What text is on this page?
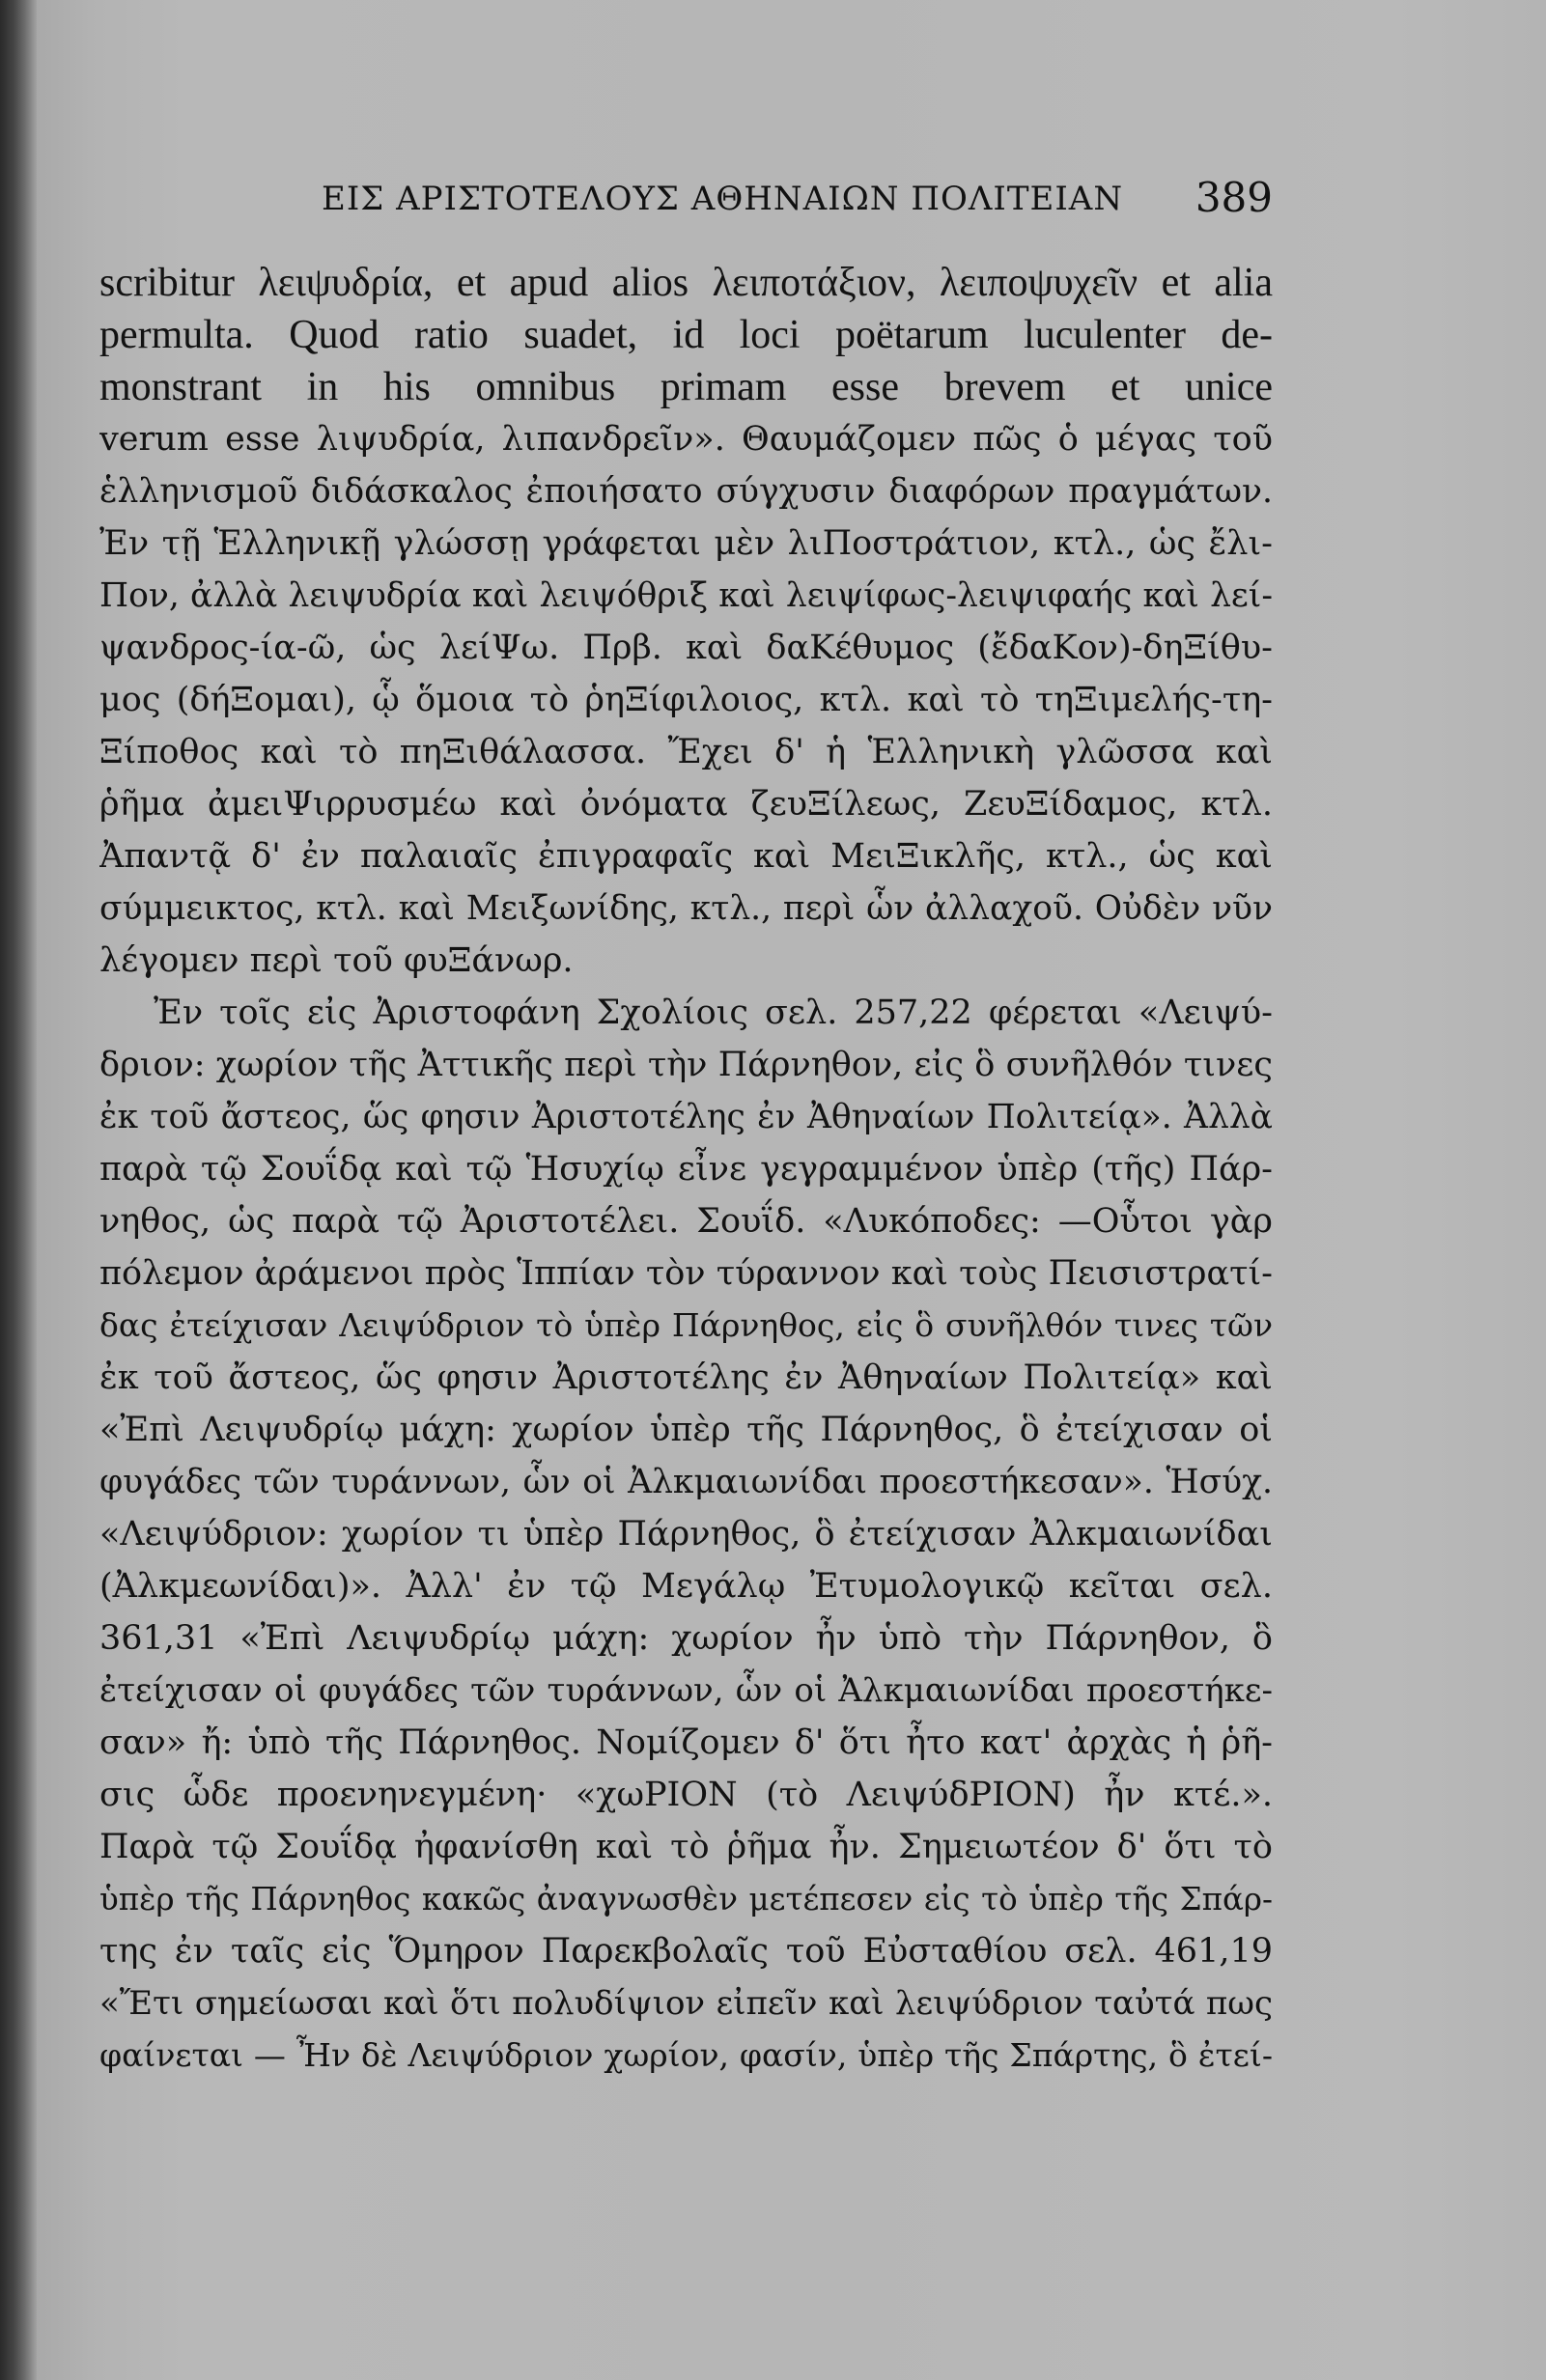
ΕΙΣ ΑΡΙΣΤΟΤΕΛΟΥΣ ΑΘΗΝΑΙΩΝ ΠΟΛΙΤΕΙΑΝ 389
scribitur λειψυδρία, et apud alios λειποτάξιον, λειποψυχεῖν et alia
permulta. Quod ratio suadet, id loci poëtarum luculenter de-
monstrant in his omnibus primam esse brevem et unice
verum esse λιψυδρία, λιπανδρεῖν». Θαυμάζομεν πῶς ὁ μέγας τοῦ
ἑλληνισμοῦ διδάσκαλος ἐποιήσατο σύγχυσιν διαφόρων πραγμάτων.
Ἐν τῇ Ἑλληνικῇ γλώσσῃ γράφεται μὲν λιΠοστράτιον, κτλ., ὡς ἔλι-
Πον, ἀλλὰ λειψυδρία καὶ λειψόθριξ καὶ λειψίφως-λειψιφαής καὶ λεί-
ψανδρος-ία-ῶ, ὡς λείΨω. Πρβ. καὶ δαΚέθυμος (ἔδαΚον)-δηΞίθυ-
μος (δήΞομαι), ᾧ ὅμοια τὸ ῥηΞίφιλοιος, κτλ. καὶ τὸ τηΞιμελής-τη-
Ξίποθος καὶ τὸ πηΞιθάλασσα. Ἔχει δ' ἡ Ἑλληνικὴ γλῶσσα καὶ
ῥῆμα ἀμειΨιρρυσμέω καὶ ὀνόματα ζευΞίλεως, ΖευΞίδαμος, κτλ.
Ἀπαντᾷ δ' ἐν παλαιαῖς ἐπιγραφαῖς καὶ ΜειΞικλῆς, κτλ., ὡς καὶ
σύμμεικτος, κτλ. καὶ Μειξωνίδης, κτλ., περὶ ὧν ἀλλαχοῦ. Οὐδὲν νῦν
λέγομεν περὶ τοῦ φυΞάνωρ.
Ἐν τοῖς εἰς Ἀριστοφάνη Σχολίοις σελ. 257,22 φέρεται «Λειψύ-
δριον: χωρίον τῆς Ἀττικῆς περὶ τὴν Πάρνηθον, εἰς ὃ συνῆλθόν τινες
ἐκ τοῦ ἄστεος, ὥς φησιν Ἀριστοτέλης ἐν Ἀθηναίων Πολιτείᾳ». Ἀλλὰ
παρὰ τῷ Σουΐδᾳ καὶ τῷ Ἡσυχίῳ εἶνε γεγραμμένον ὑπὲρ (τῆς) Πάρ-
νηθος, ὡς παρὰ τῷ Ἀριστοτέλει. Σουΐδ. «Λυκόποδες: —Οὗτοι γὰρ
πόλεμον ἀράμενοι πρὸς Ἱππίαν τὸν τύραννον καὶ τοὺς Πεισιστρατί-
δας ἐτείχισαν Λειψύδριον τὸ ὑπὲρ Πάρνηθος, εἰς ὃ συνῆλθόν τινες τῶν
ἐκ τοῦ ἄστεος, ὥς φησιν Ἀριστοτέλης ἐν Ἀθηναίων Πολιτείᾳ» καὶ
«Ἐπὶ Λειψυδρίῳ μάχη: χωρίον ὑπὲρ τῆς Πάρνηθος, ὃ ἐτείχισαν οἱ
φυγάδες τῶν τυράννων, ὧν οἱ Ἀλκμαιωνίδαι προεστήκεσαν». Ἡσύχ.
«Λειψύδριον: χωρίον τι ὑπὲρ Πάρνηθος, ὃ ἐτείχισαν Ἀλκμαιωνίδαι
(Ἀλκμεωνίδαι)». Ἀλλ' ἐν τῷ Μεγάλῳ Ἐτυμολογικῷ κεῖται σελ.
361,31 «Ἐπὶ Λειψυδρίῳ μάχη: χωρίον ἦν ὑπὸ τὴν Πάρνηθον, ὃ
ἐτείχισαν οἱ φυγάδες τῶν τυράννων, ὧν οἱ Ἀλκμαιωνίδαι προεστήκε-
σαν» ἤ: ὑπὸ τῆς Πάρνηθος. Νομίζομεν δ' ὅτι ἦτο κατ' ἀρχὰς ἡ ῥῆ-
σις ὧδε προενηνεγμένη· «χωΡΙΟΝ (τὸ ΛειψύδΡΙΟΝ) ἦν κτέ.».
Παρὰ τῷ Σουΐδᾳ ἠφανίσθη καὶ τὸ ῥῆμα ἦν. Σημειωτέον δ' ὅτι τὸ
ὑπὲρ τῆς Πάρνηθος κακῶς ἀναγνωσθὲν μετέπεσεν εἰς τὸ ὑπὲρ τῆς Σπάρ-
της ἐν ταῖς εἰς Ὅμηρον Παρεκβολαῖς τοῦ Εὐσταθίου σελ. 461,19
«Ἔτι σημείωσαι καὶ ὅτι πολυδίψιον εἰπεῖν καὶ λειψύδριον ταὐτά πως
φαίνεται — Ἦν δὲ Λειψύδριον χωρίον, φασίν, ὑπὲρ τῆς Σπάρτης, ὃ ἐτεί-
